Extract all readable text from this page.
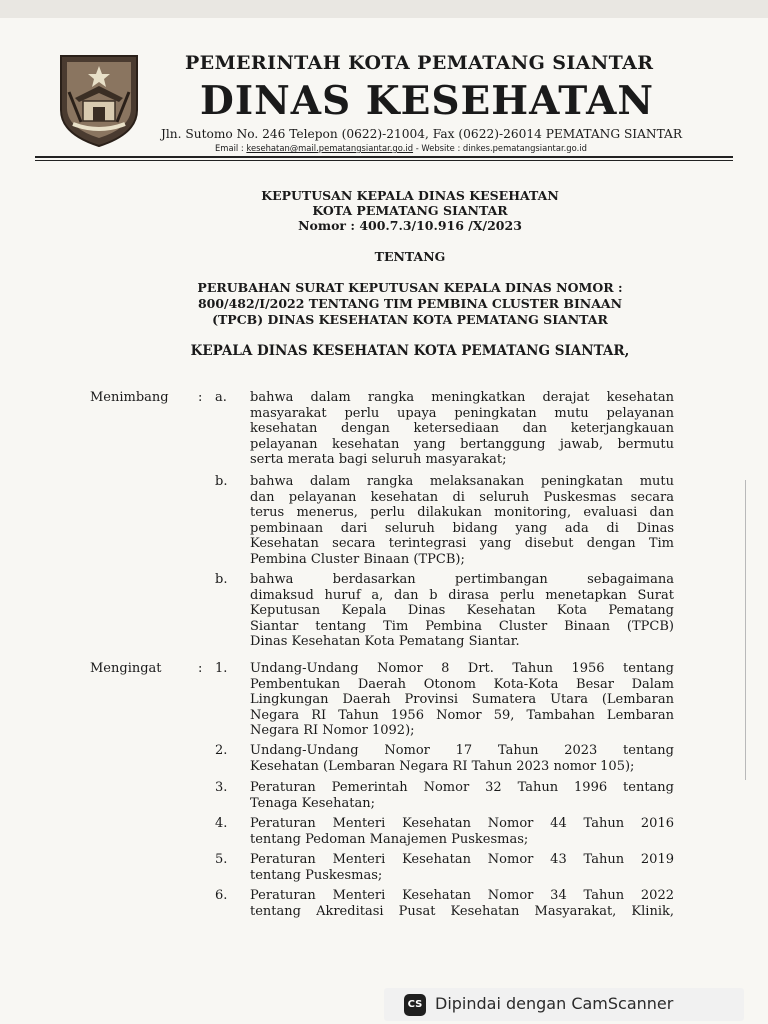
PEMERINTAH KOTA PEMATANG SIANTAR
DINAS KESEHATAN
Jln. Sutomo No. 246 Telepon (0622)-21004, Fax (0622)-26014 PEMATANG SIANTAR
Email : kesehatan@mail.pematangsiantar.go.id - Website : dinkes.pematangsiantar.go.id
KEPUTUSAN KEPALA DINAS KESEHATAN
KOTA PEMATANG SIANTAR
Nomor : 400.7.3/10.916 /X/2023
TENTANG
PERUBAHAN SURAT KEPUTUSAN KEPALA DINAS NOMOR :
800/482/I/2022 TENTANG TIM PEMBINA CLUSTER BINAAN
(TPCB) DINAS KESEHATAN KOTA PEMATANG SIANTAR
KEPALA DINAS KESEHATAN KOTA PEMATANG SIANTAR,
Menimbang : a. bahwa dalam rangka meningkatkan derajat kesehatan
masyarakat perlu upaya peningkatan mutu pelayanan
kesehatan dengan ketersediaan dan keterjangkauan
pelayanan kesehatan yang bertanggung jawab, bermutu
serta merata bagi seluruh masyarakat;
b. bahwa dalam rangka melaksanakan peningkatan mutu
dan pelayanan kesehatan di seluruh Puskesmas secara
terus menerus, perlu dilakukan monitoring, evaluasi dan
pembinaan dari seluruh bidang yang ada di Dinas
Kesehatan secara terintegrasi yang disebut dengan Tim
Pembina Cluster Binaan (TPCB);
b. bahwa berdasarkan pertimbangan sebagaimana
dimaksud huruf a, dan b dirasa perlu menetapkan Surat
Keputusan Kepala Dinas Kesehatan Kota Pematang
Siantar tentang Tim Pembina Cluster Binaan (TPCB)
Dinas Kesehatan Kota Pematang Siantar.
Mengingat	: 1. Undang-Undang Nomor 8 Drt. Tahun 1956 tentang
Pembentukan Daerah Otonom Kota-Kota Besar Dalam
Lingkungan Daerah Provinsi Sumatera Utara (Lembaran
Negara RI Tahun 1956 Nomor 59, Tambahan Lembaran
Negara RI Nomor 1092);
2. Undang-Undang Nomor 17 Tahun 2023 tentang
Kesehatan (Lembaran Negara RI Tahun 2023 nomor 105);
3. Peraturan Pemerintah Nomor 32 Tahun 1996 tentang
Tenaga Kesehatan;
4. Peraturan Menteri Kesehatan Nomor 44 Tahun 2016
tentang Pedoman Manajemen Puskesmas;
5. Peraturan Menteri Kesehatan Nomor 43 Tahun 2019
tentang Puskesmas;
6. Peraturan Menteri Kesehatan Nomor 34 Tahun 2022
tentang Akreditasi Pusat Kesehatan Masyarakat, Klinik,
CS Dipindai dengan CamScanner
